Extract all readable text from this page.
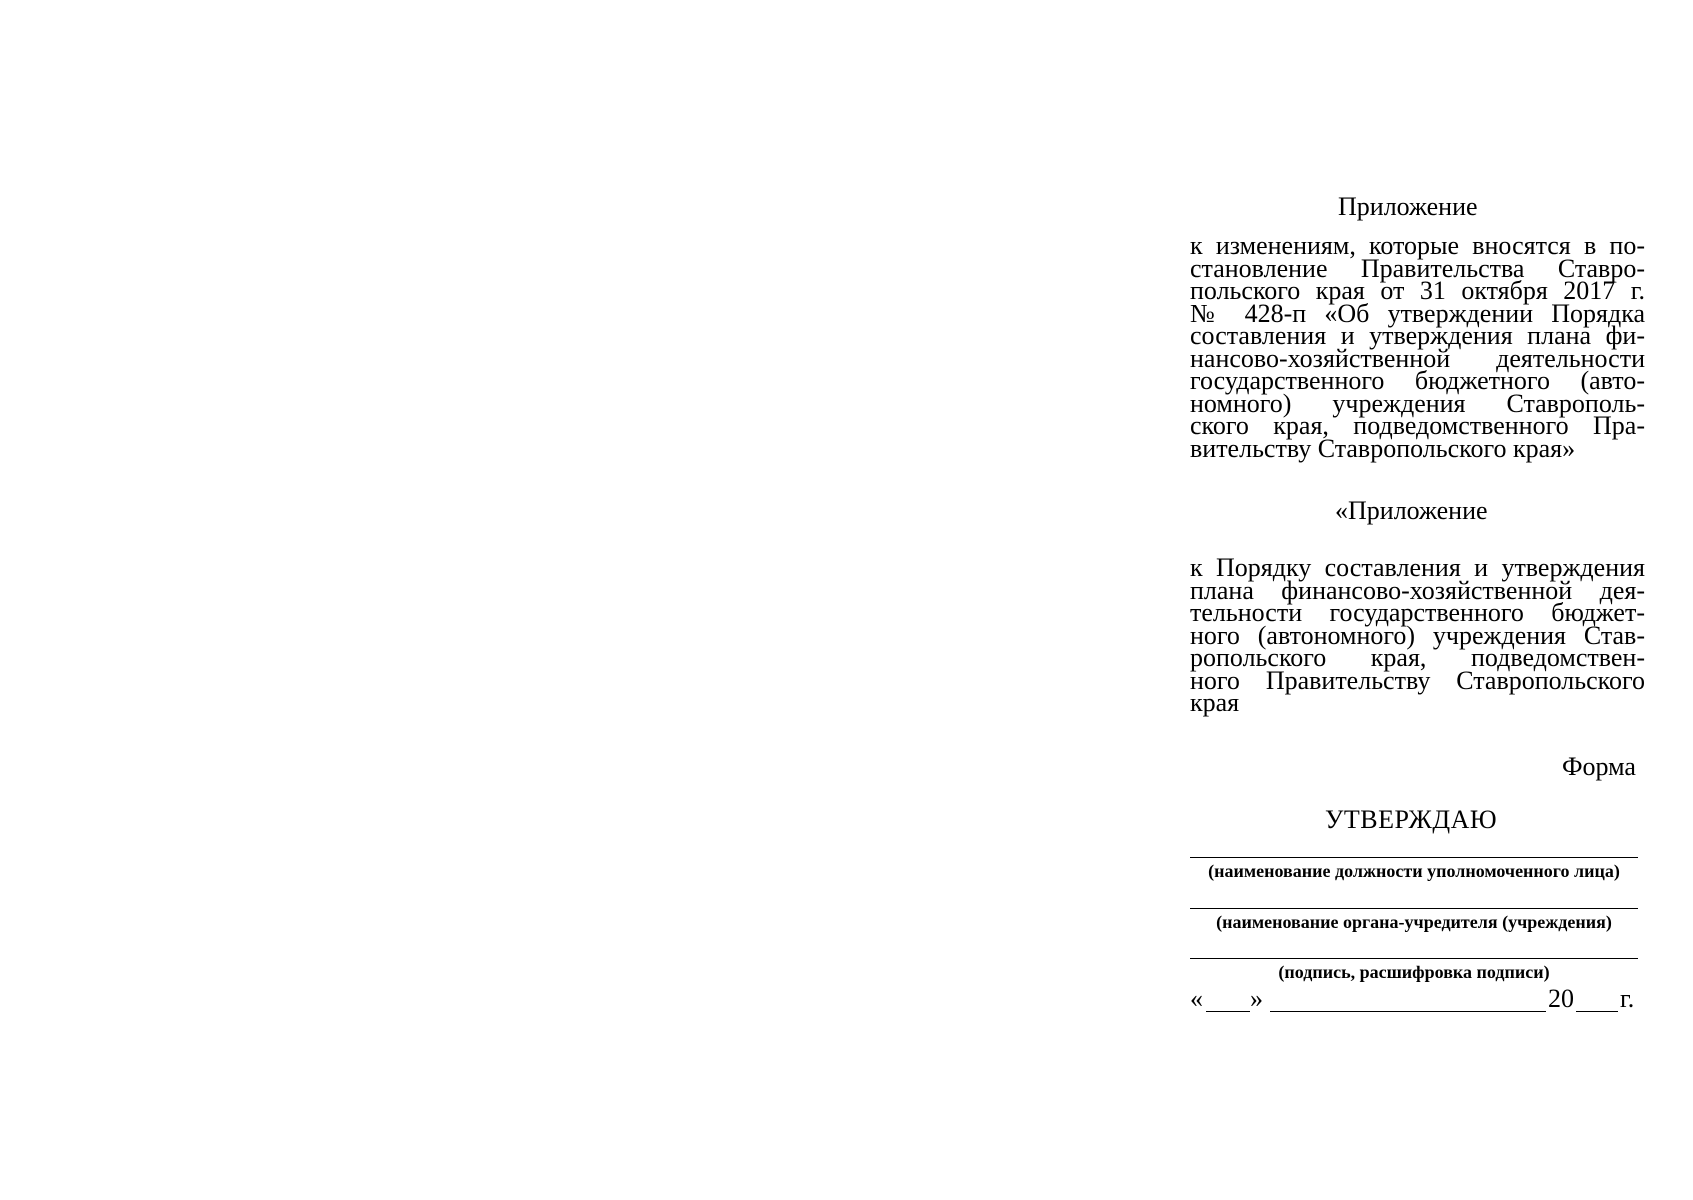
Приложение
к изменениям, которые вносятся в по-
становление Правительства Ставро-
польского края от 31 октября 2017 г.
№ 428-п «Об утверждении Порядка
составления и утверждения плана фи-
нансово-хозяйственной деятельности
государственного бюджетного (авто-
номного) учреждения Ставрополь-
ского края, подведомственного Пра-
вительству Ставропольского края»
«Приложение
к Порядку составления и утверждения
плана финансово-хозяйственной дея-
тельности государственного бюджет-
ного (автономного) учреждения Став-
ропольского края, подведомствен-
ного Правительству Ставропольского
края
Форма
УТВЕРЖДАЮ
(наименование должности уполномоченного лица)
(наименование органа-учредителя (учреждения)
(подпись, расшифровка подписи)
« »	20 г.
